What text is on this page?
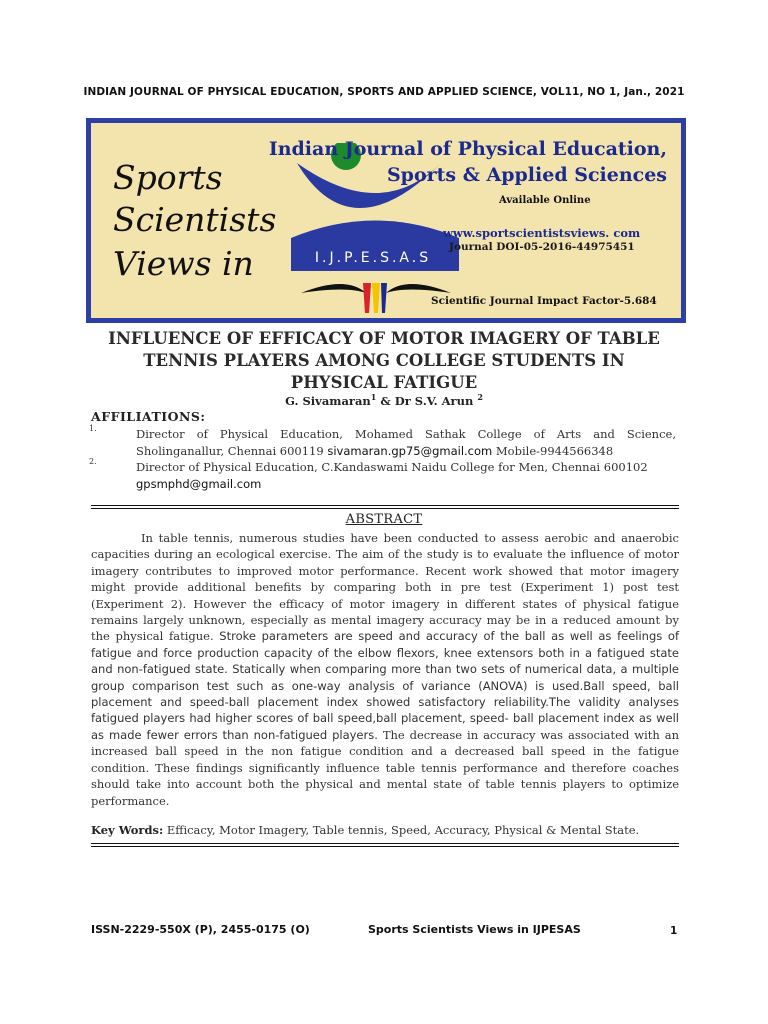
INDIAN JOURNAL OF PHYSICAL EDUCATION, SPORTS AND APPLIED SCIENCE, VOL11, NO 1, Jan., 2021
Sports
Scientists
Views in	I.J.P.E.S.A.S
Indian Journal of Physical Education,
Sports & Applied Sciences
Available Online
www.sportscientistsviews. com
Journal DOI-05-2016-44975451
Scientific Journal Impact Factor-5.684
INFLUENCE OF EFFICACY OF MOTOR IMAGERY OF TABLE
TENNIS PLAYERS AMONG COLLEGE STUDENTS IN
PHYSICAL FATIGUE
G. Sivamaran$^1$ & Dr S.V. Arun $^2$
AFFILIATIONS:
1.	Director of Physical Education, Mohamed Sathak College of Arts and Science, Sholinganallur, Chennai 600119 sivamaran.gp75@gmail.com Mobile-9944566348
2.	Director of Physical Education, C.Kandaswami Naidu College for Men, Chennai 600102
gpsmphd@gmail.com
ABSTRACT
In table tennis, numerous studies have been conducted to assess aerobic and anaerobic capacities during an ecological exercise. The aim of the study is to evaluate the influence of motor imagery contributes to improved motor performance. Recent work showed that motor imagery might provide additional benefits by comparing both in pre test (Experiment 1) post test (Experiment 2). However the efficacy of motor imagery in different states of physical fatigue remains largely unknown, especially as mental imagery accuracy may be in a reduced amount by the physical fatigue. Stroke parameters are speed and accuracy of the ball as well as feelings of fatigue and force production capacity of the elbow flexors, knee extensors both in a fatigued state and non-fatigued state. Statically when comparing more than two sets of numerical data, a multiple group comparison test such as one-way analysis of variance (ANOVA) is used.Ball speed, ball placement and speed-ball placement index showed satisfactory reliability.The validity analyses fatigued players had higher scores of ball speed,ball placement, speed- ball placement index as well as made fewer errors than non-fatigued players. The decrease in accuracy was associated with an increased ball speed in the non fatigue condition and a decreased ball speed in the fatigue condition. These findings significantly influence table tennis performance and therefore coaches should take into account both the physical and mental state of table tennis players to optimize performance.
Key Words: Efficacy, Motor Imagery, Table tennis, Speed, Accuracy, Physical & Mental State.
ISSN-2229-550X (P), 2455-0175 (O)	Sports Scientists Views in IJPESAS	1
